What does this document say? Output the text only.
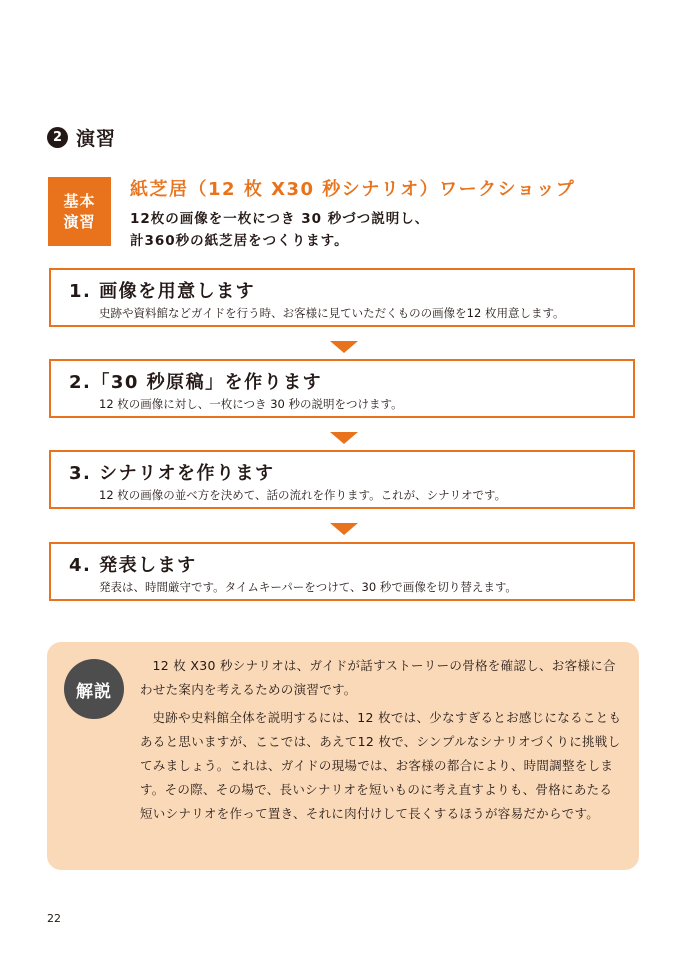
2 演習
基本
演習
紙芝居（12 枚 X30 秒シナリオ）ワークショップ
12枚の画像を一枚につき 30 秒づつ説明し、
計360秒の紙芝居をつくります。
1. 画像を用意します
史跡や資料館などガイドを行う時、お客様に見ていただくものの画像を12 枚用意します。
2.「30 秒原稿」を作ります
12 枚の画像に対し、一枚につき 30 秒の説明をつけます。
3. シナリオを作ります
12 枚の画像の並べ方を決めて、話の流れを作ります。これが、シナリオです。
4. 発表します
発表は、時間厳守です。タイムキーパーをつけて、30 秒で画像を切り替えます。
解説

12 枚 X30 秒シナリオは、ガイドが話すストーリーの骨格を確認し、お客様に合わせた案内を考えるための演習です。

史跡や史料館全体を説明するには、12 枚では、少なすぎるとお感じになることもあると思いますが、ここでは、あえて12 枚で、シンプルなシナリオづくりに挑戦してみましょう。これは、ガイドの現場では、お客様の都合により、時間調整をします。その際、その場で、長いシナリオを短いものに考え直すよりも、骨格にあたる短いシナリオを作って置き、それに肉付けして長くするほうが容易だからです。

22
